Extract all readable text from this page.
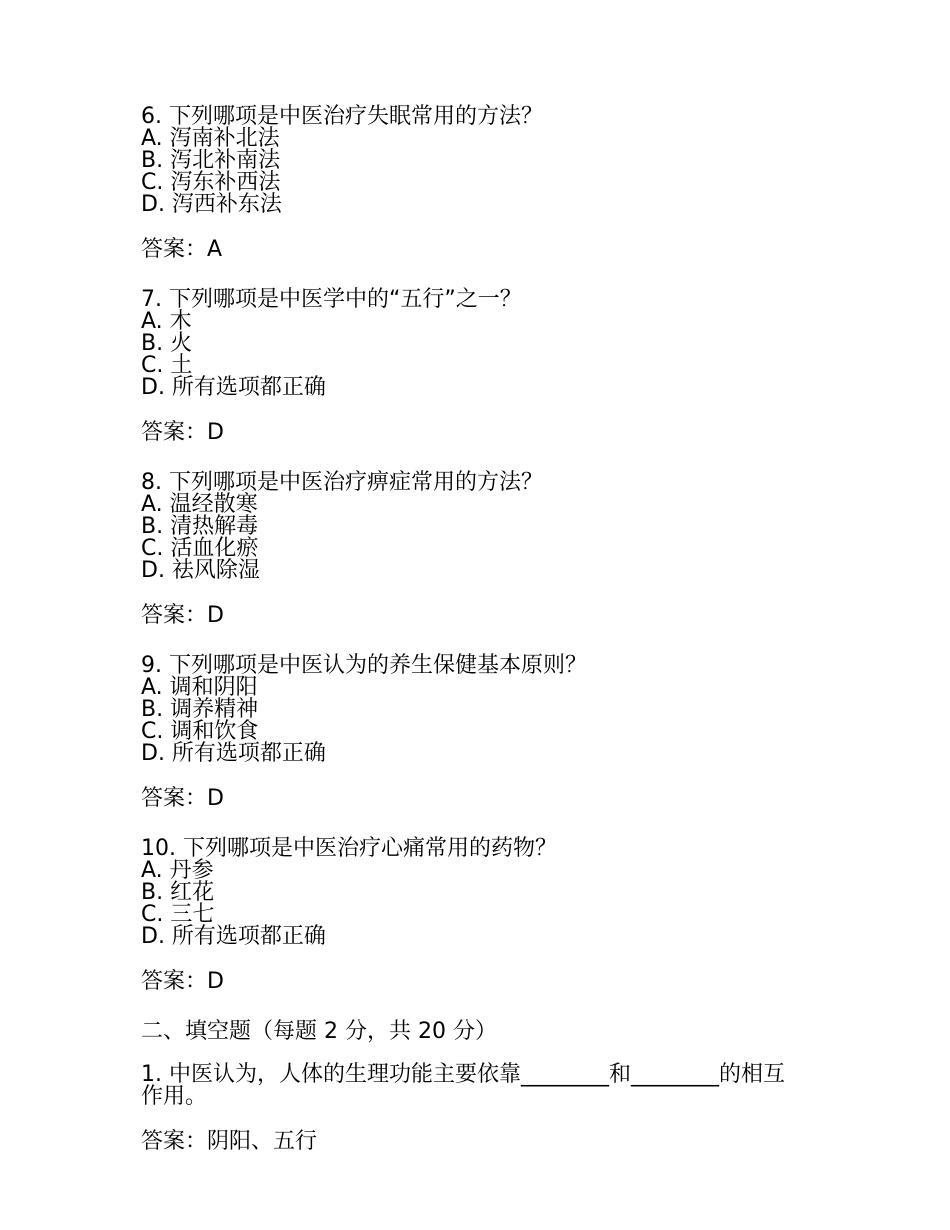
6. 下列哪项是中医治疗失眠常用的方法？

A. 泻南补北法

B. 泻北补南法

C. 泻东补西法

D. 泻西补东法

答案：A

7. 下列哪项是中医学中的“五行”之一？

A. 木

B. 火

C. 土

D. 所有选项都正确

答案：D

8. 下列哪项是中医治疗痹症常用的方法？

A. 温经散寒

B. 清热解毒

C. 活血化瘀

D. 祛风除湿

答案：D

9. 下列哪项是中医认为的养生保健基本原则？

A. 调和阴阳

B. 调养精神

C. 调和饮食

D. 所有选项都正确

答案：D

10. 下列哪项是中医治疗心痛常用的药物？

A. 丹参

B. 红花

C. 三七

D. 所有选项都正确

答案：D

二、填空题（每题 2 分，共 20 分）

1. 中医认为，人体的生理功能主要依靠________和________的相互作用。

答案：阴阳、五行
